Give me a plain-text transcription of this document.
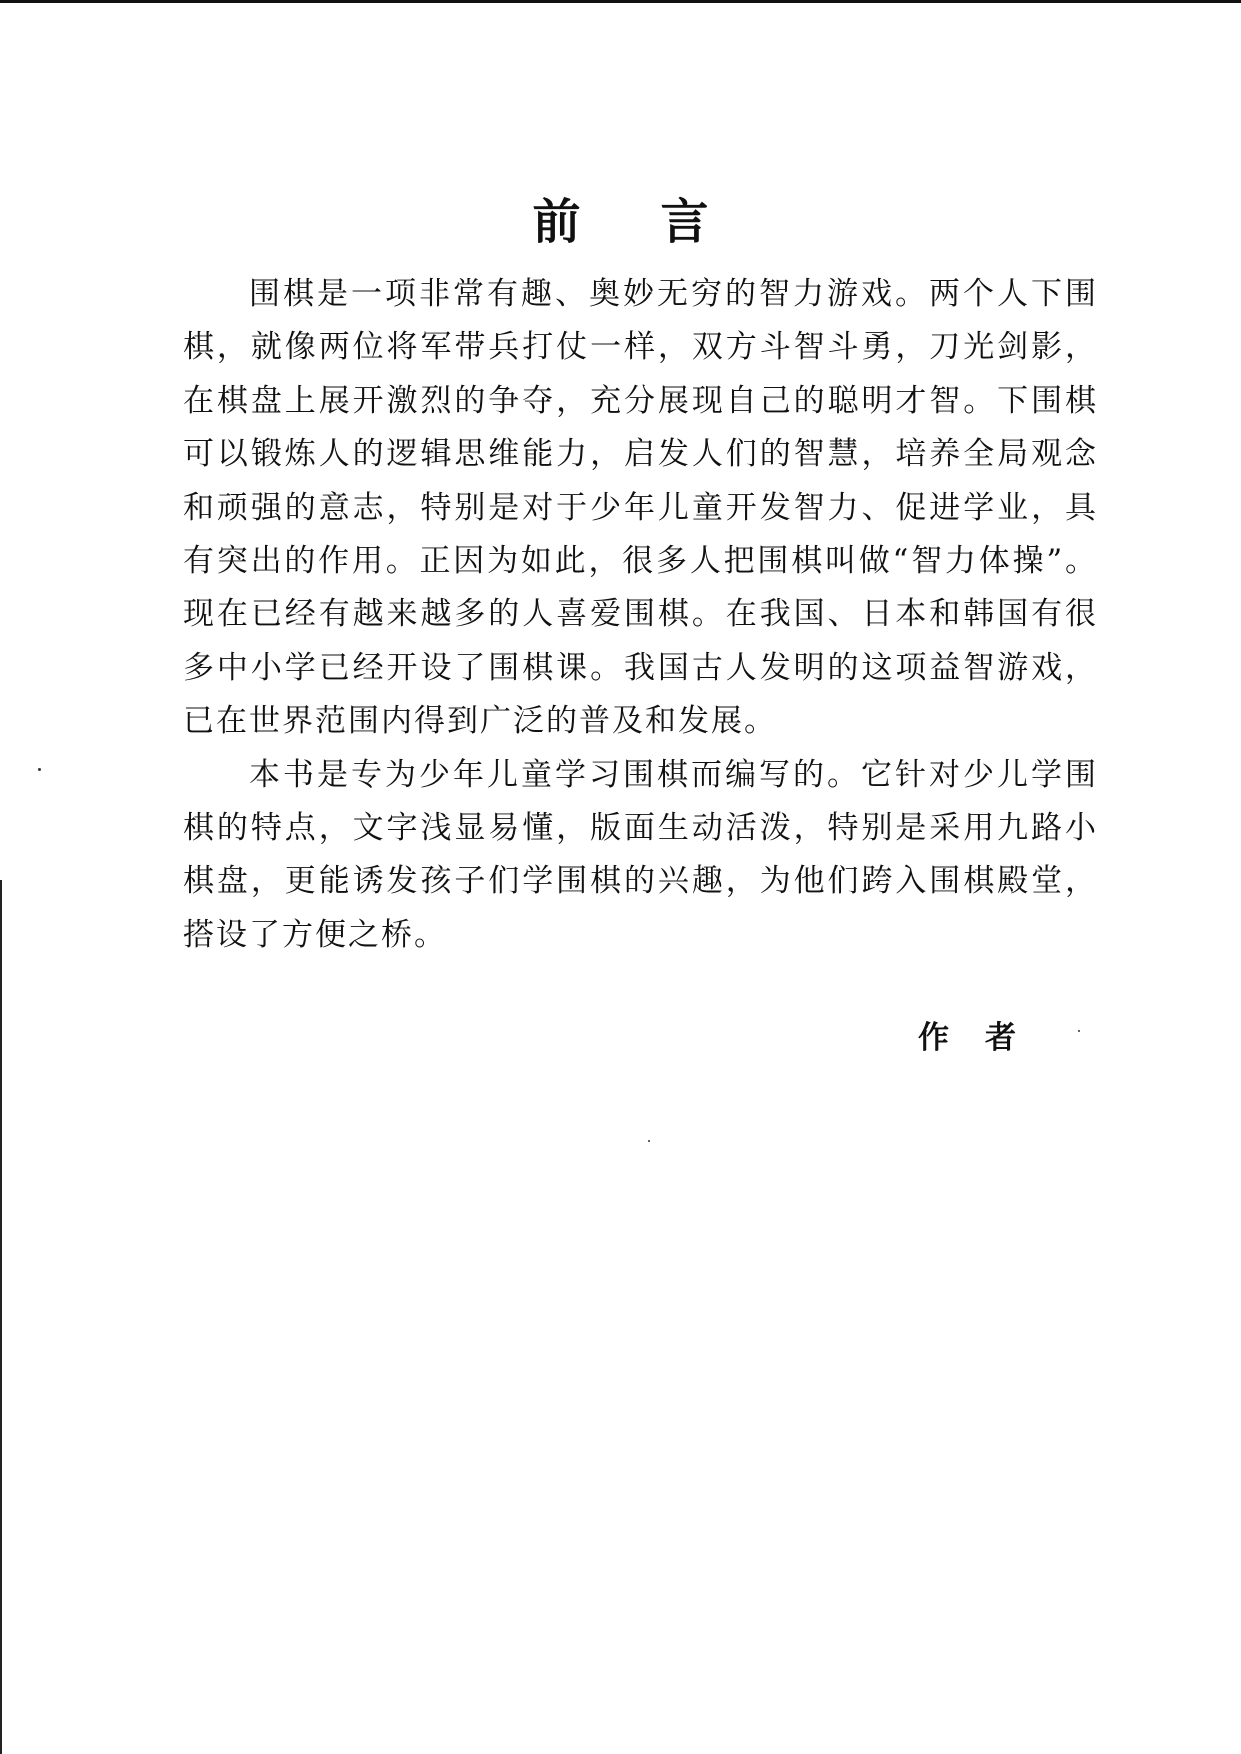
前言

围棋是一项非常有趣、奥妙无穷的智力游戏。两个人下围棋，就像两位将军带兵打仗一样，双方斗智斗勇，刀光剑影，在棋盘上展开激烈的争夺，充分展现自己的聪明才智。下围棋可以锻炼人的逻辑思维能力，启发人们的智慧，培养全局观念和顽强的意志，特别是对于少年儿童开发智力、促进学业，具有突出的作用。正因为如此，很多人把围棋叫做“智力体操”。现在已经有越来越多的人喜爱围棋。在我国、日本和韩国有很多中小学已经开设了围棋课。我国古人发明的这项益智游戏，已在世界范围内得到广泛的普及和发展。

本书是专为少年儿童学习围棋而编写的。它针对少儿学围棋的特点，文字浅显易懂，版面生动活泼，特别是采用九路小棋盘，更能诱发孩子们学围棋的兴趣，为他们跨入围棋殿堂，搭设了方便之桥。

作者
